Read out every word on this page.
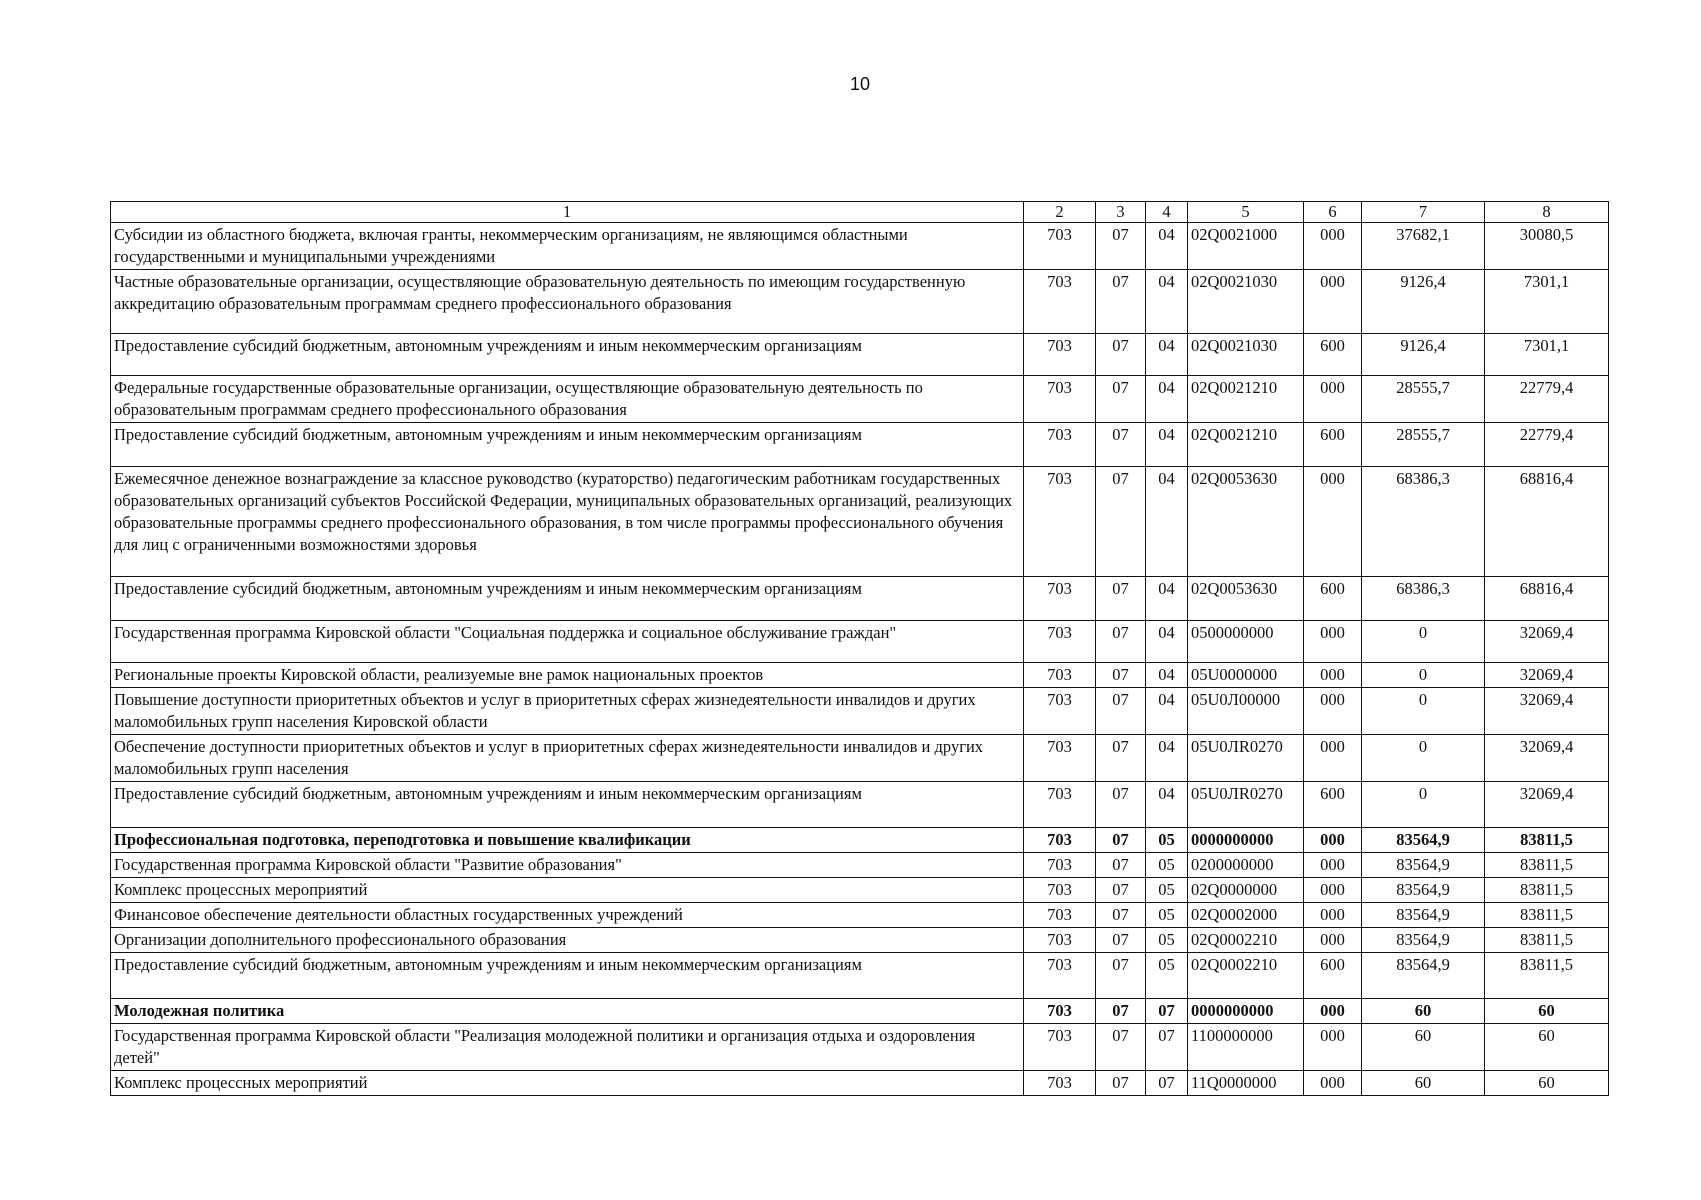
10
1	2	3	4	5	6	7	8
Субсидии из областного бюджета, включая гранты, некоммерческим организациям, не являющимся областными государственными и муниципальными учреждениями	703	07	04	02Q0021000	000	37682,1	30080,5
Частные образовательные организации, осуществляющие образовательную деятельность по имеющим государственную аккредитацию образовательным программам среднего профессионального образования	703	07	04	02Q0021030	000	9126,4	7301,1
Предоставление субсидий бюджетным, автономным учреждениям и иным некоммерческим организациям	703	07	04	02Q0021030	600	9126,4	7301,1
Федеральные государственные образовательные организации, осуществляющие образовательную деятельность по образовательным программам среднего профессионального образования	703	07	04	02Q0021210	000	28555,7	22779,4
Предоставление субсидий бюджетным, автономным учреждениям и иным некоммерческим организациям	703	07	04	02Q0021210	600	28555,7	22779,4
Ежемесячное денежное вознаграждение за классное руководство (кураторство) педагогическим работникам государственных образовательных организаций субъектов Российской Федерации, муниципальных образовательных организаций, реализующих образовательные программы среднего профессионального образования, в том числе программы профессионального обучения для лиц с ограниченными возможностями здоровья	703	07	04	02Q0053630	000	68386,3	68816,4
Предоставление субсидий бюджетным, автономным учреждениям и иным некоммерческим организациям	703	07	04	02Q0053630	600	68386,3	68816,4
Государственная программа Кировской области "Социальная поддержка и социальное обслуживание граждан"	703	07	04	0500000000	000	0	32069,4
Региональные проекты Кировской области, реализуемые вне рамок национальных проектов	703	07	04	05U0000000	000	0	32069,4
Повышение доступности приоритетных объектов и услуг в приоритетных сферах жизнедеятельности инвалидов и других маломобильных групп населения Кировской области	703	07	04	05U0Л00000	000	0	32069,4
Обеспечение доступности приоритетных объектов и услуг в приоритетных сферах жизнедеятельности инвалидов и других маломобильных групп населения	703	07	04	05U0ЛR0270	000	0	32069,4
Предоставление субсидий бюджетным, автономным учреждениям и иным некоммерческим организациям	703	07	04	05U0ЛR0270	600	0	32069,4
Профессиональная подготовка, переподготовка и повышение квалификации	703	07	05	0000000000	000	83564,9	83811,5
Государственная программа Кировской области "Развитие образования"	703	07	05	0200000000	000	83564,9	83811,5
Комплекс процессных мероприятий	703	07	05	02Q0000000	000	83564,9	83811,5
Финансовое обеспечение деятельности областных государственных учреждений	703	07	05	02Q0002000	000	83564,9	83811,5
Организации дополнительного профессионального образования	703	07	05	02Q0002210	000	83564,9	83811,5
Предоставление субсидий бюджетным, автономным учреждениям и иным некоммерческим организациям	703	07	05	02Q0002210	600	83564,9	83811,5
Молодежная политика	703	07	07	0000000000	000	60	60
Государственная программа Кировской области "Реализация молодежной политики и организация отдыха и оздоровления детей"	703	07	07	1100000000	000	60	60
Комплекс процессных мероприятий	703	07	07	11Q0000000	000	60	60
